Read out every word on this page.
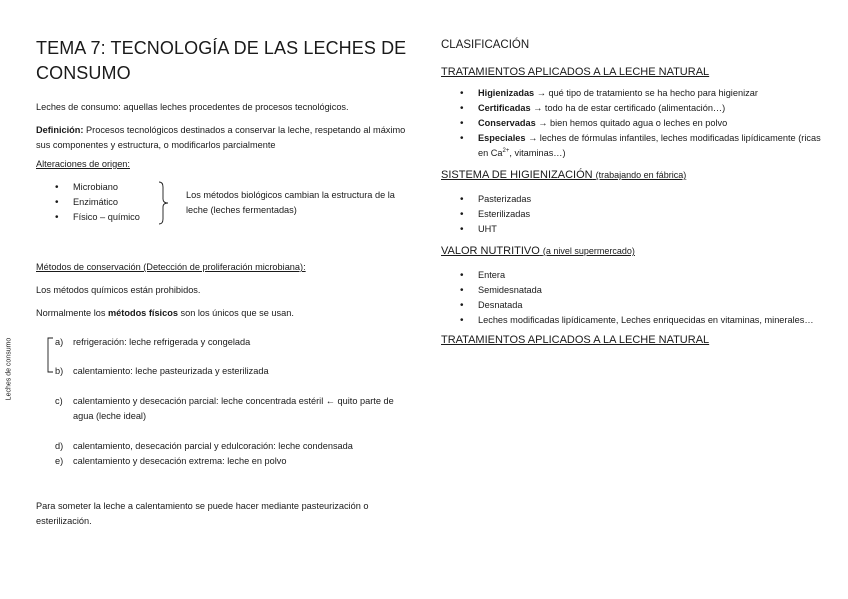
TEMA 7: TECNOLOGÍA DE LAS LECHES DE CONSUMO

Leches de consumo: aquellas leches procedentes de procesos tecnológicos.

Definición: Procesos tecnológicos destinados a conservar la leche, respetando al máximo sus componentes y estructura, o modificarlos parcialmente

Alteraciones de origen:

• Microbiano
• Enzimático
• Físico – químico

Los métodos biológicos cambian la estructura de la leche (leches fermentadas)

Métodos de conservación (Detección de proliferación microbiana):

Los métodos químicos están prohibidos.

Normalmente los métodos físicos son los únicos que se usan.

Leches de consumo	a) refrigeración: leche refrigerada y congelada
b) calentamiento: leche pasteurizada y esterilizada
c) calentamiento y desecación parcial: leche concentrada estéril ← quito parte de agua (leche ideal)
d) calentamiento, desecación parcial y edulcoración: leche condensada
e) calentamiento y desecación extrema: leche en polvo

Para someter la leche a calentamiento se puede hacer mediante pasteurización o esterilización.

CLASIFICACIÓN

TRATAMIENTOS APLICADOS A LA LECHE NATURAL

• Higienizadas → qué tipo de tratamiento se ha hecho para higienizar
• Certificadas → todo ha de estar certificado (alimentación…)
• Conservadas → bien hemos quitado agua o leches en polvo
• Especiales → leches de fórmulas infantiles, leches modificadas lipídicamente (ricas en $Ca^{2+}$, vitaminas…)

SISTEMA DE HIGIENIZACIÓN (trabajando en fábrica)

• Pasterizadas
• Esterilizadas
• UHT

VALOR NUTRITIVO (a nivel supermercado)

• Entera
• Semidesnatada
• Desnatada
• Leches modificadas lipídicamente, Leches enriquecidas en vitaminas, minerales…

TRATAMIENTOS APLICADOS A LA LECHE NATURAL
